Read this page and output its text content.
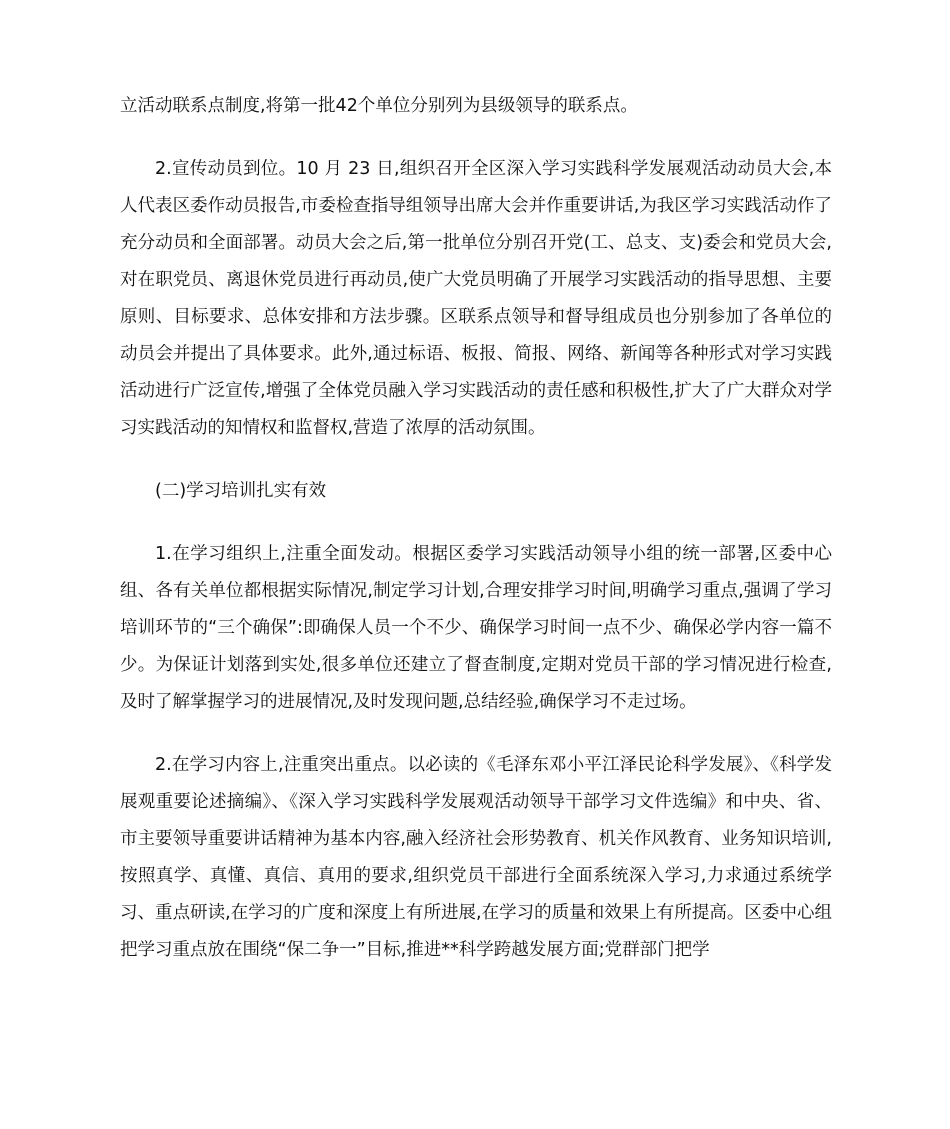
立活动联系点制度,将第一批42个单位分别列为县级领导的联系点。

2.宣传动员到位。10 月 23 日,组织召开全区深入学习实践科学发展观活动动员大会,本人代表区委作动员报告,市委检查指导组领导出席大会并作重要讲话,为我区学习实践活动作了充分动员和全面部署。动员大会之后,第一批单位分别召开党(工、总支、支)委会和党员大会,对在职党员、离退休党员进行再动员,使广大党员明确了开展学习实践活动的指导思想、主要原则、目标要求、总体安排和方法步骤。区联系点领导和督导组成员也分别参加了各单位的动员会并提出了具体要求。此外,通过标语、板报、简报、网络、新闻等各种形式对学习实践活动进行广泛宣传,增强了全体党员融入学习实践活动的责任感和积极性,扩大了广大群众对学习实践活动的知情权和监督权,营造了浓厚的活动氛围。

(二)学习培训扎实有效

1.在学习组织上,注重全面发动。根据区委学习实践活动领导小组的统一部署,区委中心组、各有关单位都根据实际情况,制定学习计划,合理安排学习时间,明确学习重点,强调了学习培训环节的“三个确保”:即确保人员一个不少、确保学习时间一点不少、确保必学内容一篇不少。为保证计划落到实处,很多单位还建立了督查制度,定期对党员干部的学习情况进行检查,及时了解掌握学习的进展情况,及时发现问题,总结经验,确保学习不走过场。

2.在学习内容上,注重突出重点。以必读的《毛泽东邓小平江泽民论科学发展》、《科学发展观重要论述摘编》、《深入学习实践科学发展观活动领导干部学习文件选编》和中央、省、市主要领导重要讲话精神为基本内容,融入经济社会形势教育、机关作风教育、业务知识培训,按照真学、真懂、真信、真用的要求,组织党员干部进行全面系统深入学习,力求通过系统学习、重点研读,在学习的广度和深度上有所进展,在学习的质量和效果上有所提高。区委中心组把学习重点放在围绕“保二争一”目标,推进**科学跨越发展方面;党群部门把学
